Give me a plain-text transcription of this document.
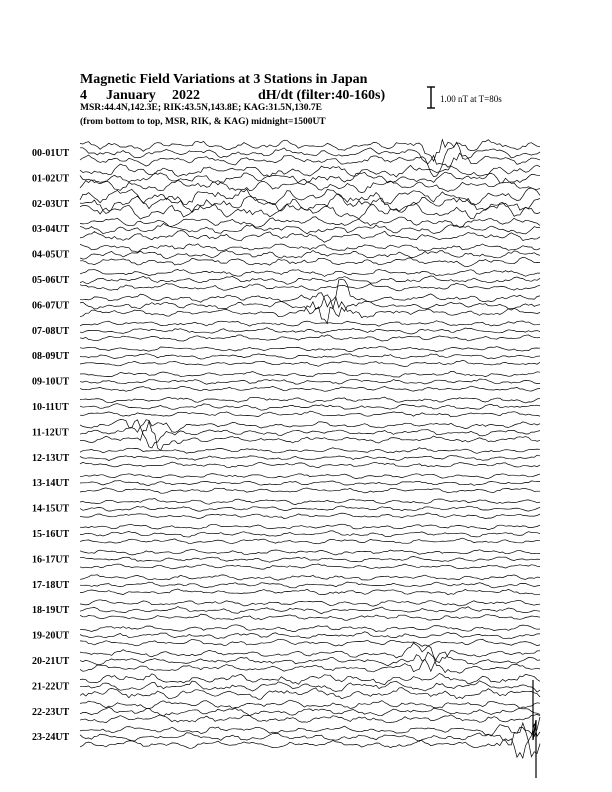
Magnetic Field Variations at 3 Stations in Japan
4 January 2022	dH/dt (filter:40-160s)
MSR:44.4N,142.3E; RIK:43.5N,143.8E; KAG:31.5N,130.7E
(from bottom to top, MSR, RIK, & KAG) midnight=1500UT
1.00 nT at T=80s
00-01UT
01-02UT
02-03UT
03-04UT
04-05UT
05-06UT
06-07UT
07-08UT
08-09UT
09-10UT
10-11UT
11-12UT
12-13UT
13-14UT
14-15UT
15-16UT
16-17UT
17-18UT
18-19UT
19-20UT
20-21UT
21-22UT
22-23UT
23-24UT
